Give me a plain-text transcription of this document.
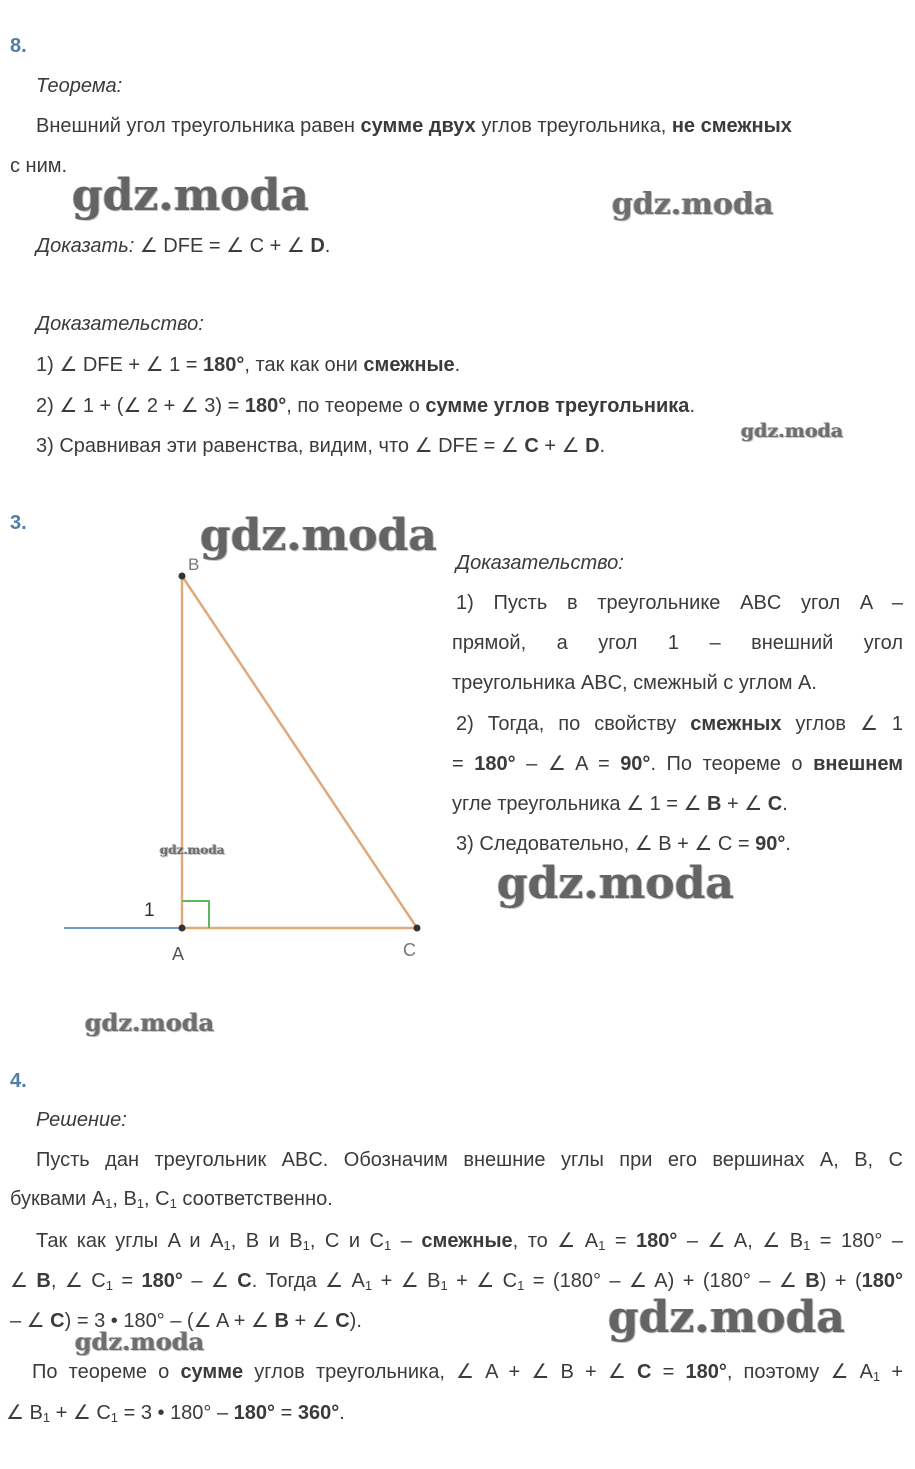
8.
Теорема:
Внешний угол треугольника равен сумме двух углов треугольника, не смежных
с ним.
Доказать: ∠ DFE = ∠ C + ∠ D.
Доказательство:
1) ∠ DFE + ∠ 1 = 180°, так как они смежные.
2) ∠ 1 + (∠ 2 + ∠ 3) = 180°, по теореме о сумме углов треугольника.
3) Сравнивая эти равенства, видим, что ∠ DFE = ∠ C + ∠ D.
3.
B
A	C
1
Доказательство:
1) Пусть в треугольнике ABC угол A –
прямой, а угол 1 – внешний угол
треугольника ABC, смежный с углом A.
2) Тогда, по свойству смежных углов ∠ 1
= 180° – ∠ A = 90°. По теореме о внешнем
угле треугольника ∠ 1 = ∠ B + ∠ C.
3) Следовательно, ∠ B + ∠ C = 90°.
4.
Решение:
Пусть дан треугольник ABC. Обозначим внешние углы при его вершинах A, B, C
буквами $A_1$, $B_1$, $C_1$ соответственно.
Так как углы A и $A_1$, B и $B_1$, C и $C_1$ – смежные, то ∠ $A_1 = 180^\circ$ – ∠ A, ∠ $B_1 = 180^\circ$ –
∠ B, ∠ $C_1 = 180^\circ$ – ∠ C. Тогда ∠ $A_1$ + ∠ $B_1$ + ∠ $C_1 = (180^\circ$ – ∠ A) + (180° – ∠ B) + (180°
– ∠ C) = 3 • 180° – (∠ A + ∠ B + ∠ C).
По теореме о сумме углов треугольника, ∠ A + ∠ B + ∠ C = 180°, поэтому ∠ $A_1$ +
∠ $B_1$ + ∠ $C_1 = 3$ • 180° – 180° = 360°.
gdz.moda	gdz.moda
gdz.moda
gdz.moda
gdz.moda
gdz.moda
gdz.moda
gdz.moda
gdz.moda
